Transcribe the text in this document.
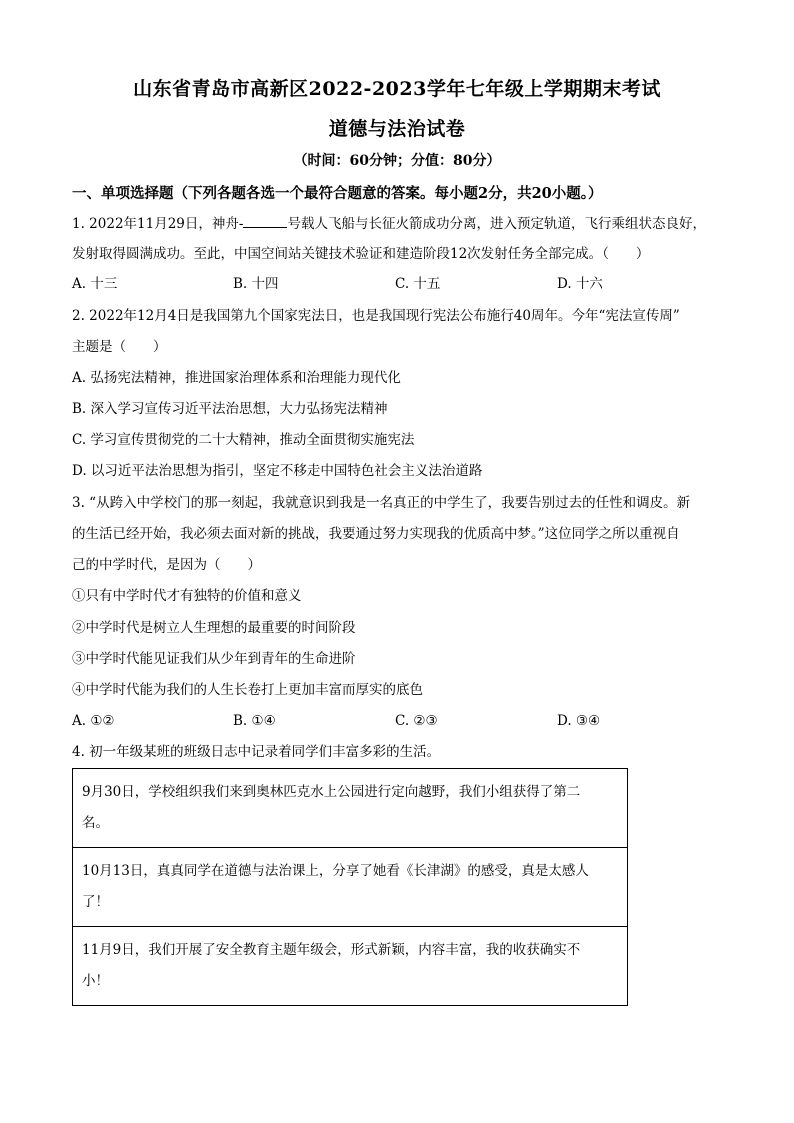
山东省青岛市高新区2022-2023学年七年级上学期期末考试
道德与法治试卷
（时间：60分钟；分值：80分）
一、单项选择题（下列各题各选一个最符合题意的答案。每小题2分，共20小题。）
1. 2022年11月29日，神舟-	号载人飞船与长征火箭成功分离，进入预定轨道，飞行乘组状态良好，
发射取得圆满成功。至此，中国空间站关键技术验证和建造阶段12次发射任务全部完成。（　　）
A. 十三	B. 十四	C. 十五	D. 十六
2. 2022年12月4日是我国第九个国家宪法日，也是我国现行宪法公布施行40周年。今年“宪法宣传周”
主题是（　　）
A. 弘扬宪法精神，推进国家治理体系和治理能力现代化
B. 深入学习宣传习近平法治思想，大力弘扬宪法精神
C. 学习宣传贯彻党的二十大精神，推动全面贯彻实施宪法
D. 以习近平法治思想为指引，坚定不移走中国特色社会主义法治道路
3. “从跨入中学校门的那一刻起，我就意识到我是一名真正的中学生了，我要告别过去的任性和调皮。新
的生活已经开始，我必须去面对新的挑战，我要通过努力实现我的优质高中梦。”这位同学之所以重视自
己的中学时代，是因为（　　）
①只有中学时代才有独特的价值和意义
②中学时代是树立人生理想的最重要的时间阶段
③中学时代能见证我们从少年到青年的生命进阶
④中学时代能为我们的人生长卷打上更加丰富而厚实的底色
A. ①②	B. ①④	C. ②③	D. ③④
4. 初一年级某班的班级日志中记录着同学们丰富多彩的生活。
9月30日，学校组织我们来到奥林匹克水上公园进行定向越野，我们小组获得了第二
名。
10月13日，真真同学在道德与法治课上，分享了她看《长津湖》的感受，真是太感人
了！
11月9日，我们开展了安全教育主题年级会，形式新颖，内容丰富，我的收获确实不
小！
